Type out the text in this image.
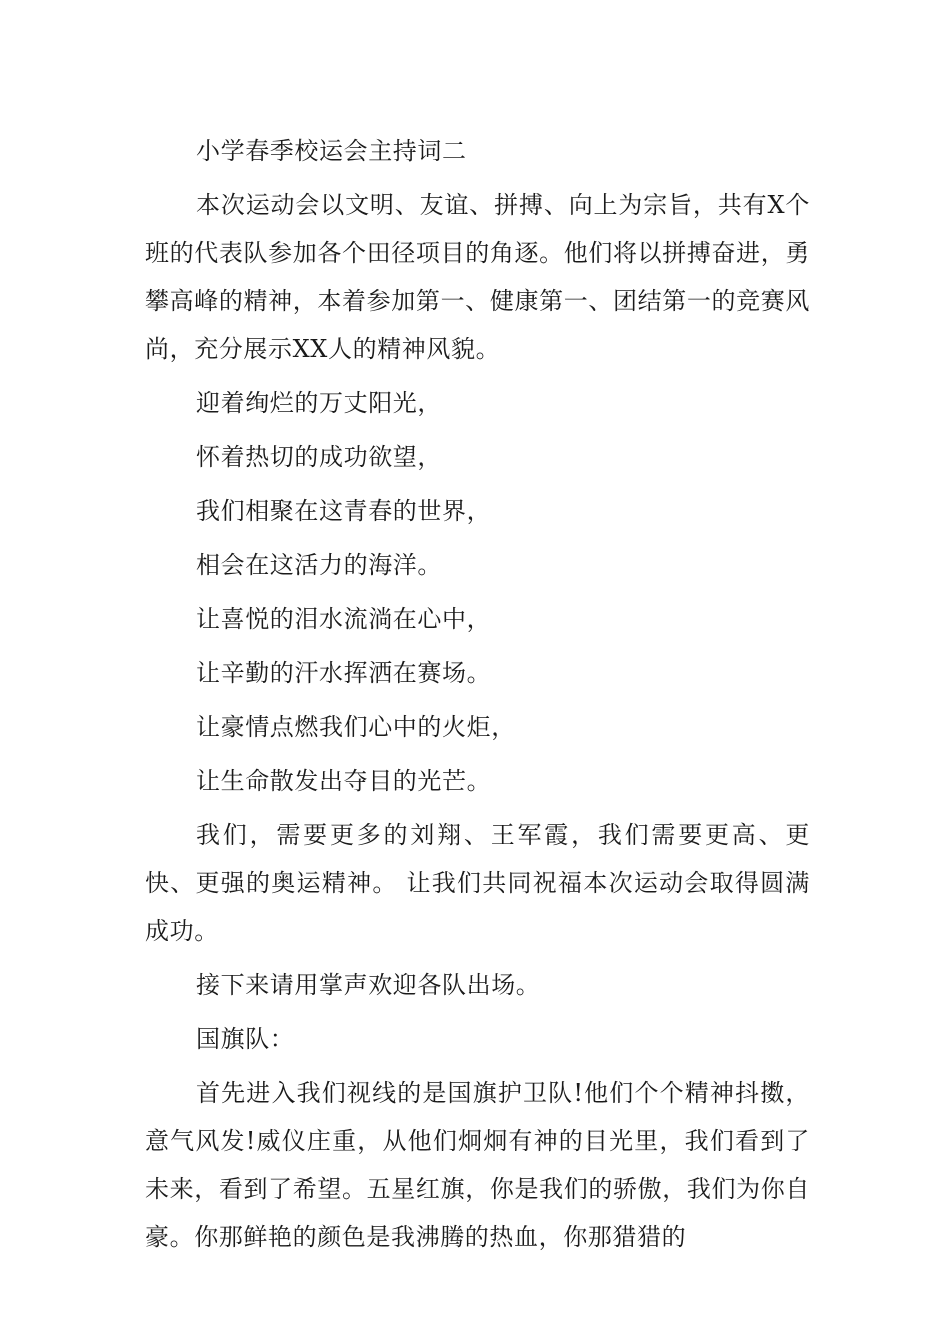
小学春季校运会主持词二

本次运动会以文明、友谊、拼搏、向上为宗旨，共有X个班的代表队参加各个田径项目的角逐。他们将以拼搏奋进，勇攀高峰的精神，本着参加第一、健康第一、团结第一的竞赛风尚，充分展示XX人的精神风貌。

迎着绚烂的万丈阳光，

怀着热切的成功欲望，

我们相聚在这青春的世界，

相会在这活力的海洋。

让喜悦的泪水流淌在心中，

让辛勤的汗水挥洒在赛场。

让豪情点燃我们心中的火炬，

让生命散发出夺目的光芒。

我们，需要更多的刘翔、王军霞，我们需要更高、更快、更强的奥运精神。 让我们共同祝福本次运动会取得圆满成功。

接下来请用掌声欢迎各队出场。

国旗队：

首先进入我们视线的是国旗护卫队!他们个个精神抖擞，意气风发!威仪庄重，从他们炯炯有神的目光里，我们看到了未来，看到了希望。五星红旗，你是我们的骄傲，我们为你自豪。你那鲜艳的颜色是我沸腾的热血，你那猎猎的
